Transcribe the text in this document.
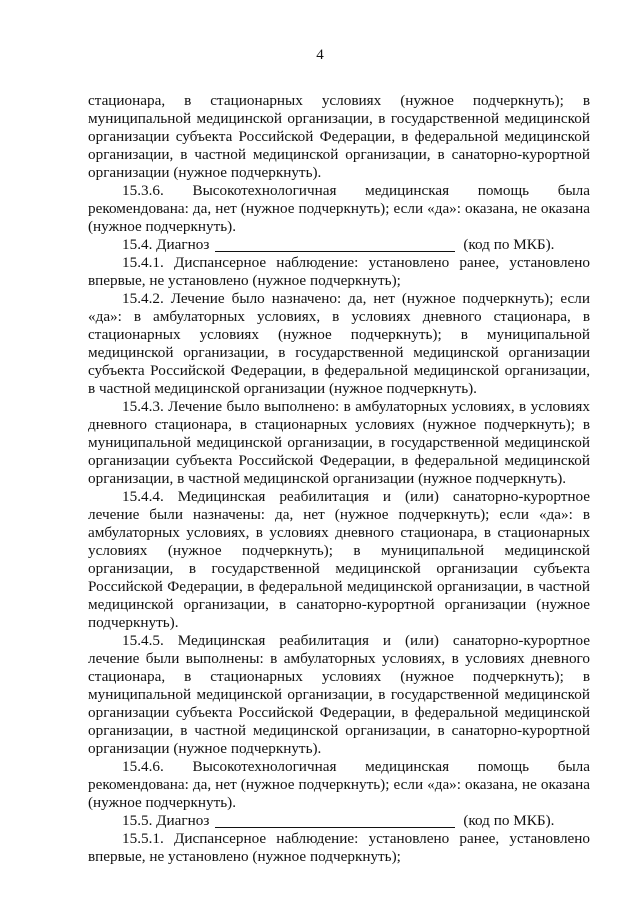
4

стационара, в стационарных условиях (нужное подчеркнуть); в муниципальной медицинской организации, в государственной медицинской организации субъекта Российской Федерации, в федеральной медицинской организации, в частной медицинской организации, в санаторно-курортной организации (нужное подчеркнуть).

15.3.6. Высокотехнологичная медицинская помощь была рекомендована: да, нет (нужное подчеркнуть); если «да»: оказана, не оказана (нужное подчеркнуть).

15.4. Диагноз	(код по МКБ).

15.4.1. Диспансерное наблюдение: установлено ранее, установлено впервые, не установлено (нужное подчеркнуть);

15.4.2. Лечение было назначено: да, нет (нужное подчеркнуть); если «да»: в амбулаторных условиях, в условиях дневного стационара, в стационарных условиях (нужное подчеркнуть); в муниципальной медицинской организации, в государственной медицинской организации субъекта Российской Федерации, в федеральной медицинской организации, в частной медицинской организации (нужное подчеркнуть).

15.4.3. Лечение было выполнено: в амбулаторных условиях, в условиях дневного стационара, в стационарных условиях (нужное подчеркнуть); в муниципальной медицинской организации, в государственной медицинской организации субъекта Российской Федерации, в федеральной медицинской организации, в частной медицинской организации (нужное подчеркнуть).

15.4.4. Медицинская реабилитация и (или) санаторно-курортное лечение были назначены: да, нет (нужное подчеркнуть); если «да»: в амбулаторных условиях, в условиях дневного стационара, в стационарных условиях (нужное подчеркнуть); в муниципальной медицинской организации, в государственной медицинской организации субъекта Российской Федерации, в федеральной медицинской организации, в частной медицинской организации, в санаторно-курортной организации (нужное подчеркнуть).

15.4.5. Медицинская реабилитация и (или) санаторно-курортное лечение были выполнены: в амбулаторных условиях, в условиях дневного стационара, в стационарных условиях (нужное подчеркнуть); в муниципальной медицинской организации, в государственной медицинской организации субъекта Российской Федерации, в федеральной медицинской организации, в частной медицинской организации, в санаторно-курортной организации (нужное подчеркнуть).

15.4.6. Высокотехнологичная медицинская помощь была рекомендована: да, нет (нужное подчеркнуть); если «да»: оказана, не оказана (нужное подчеркнуть).

15.5. Диагноз	(код по МКБ).

15.5.1. Диспансерное наблюдение: установлено ранее, установлено впервые, не установлено (нужное подчеркнуть);
